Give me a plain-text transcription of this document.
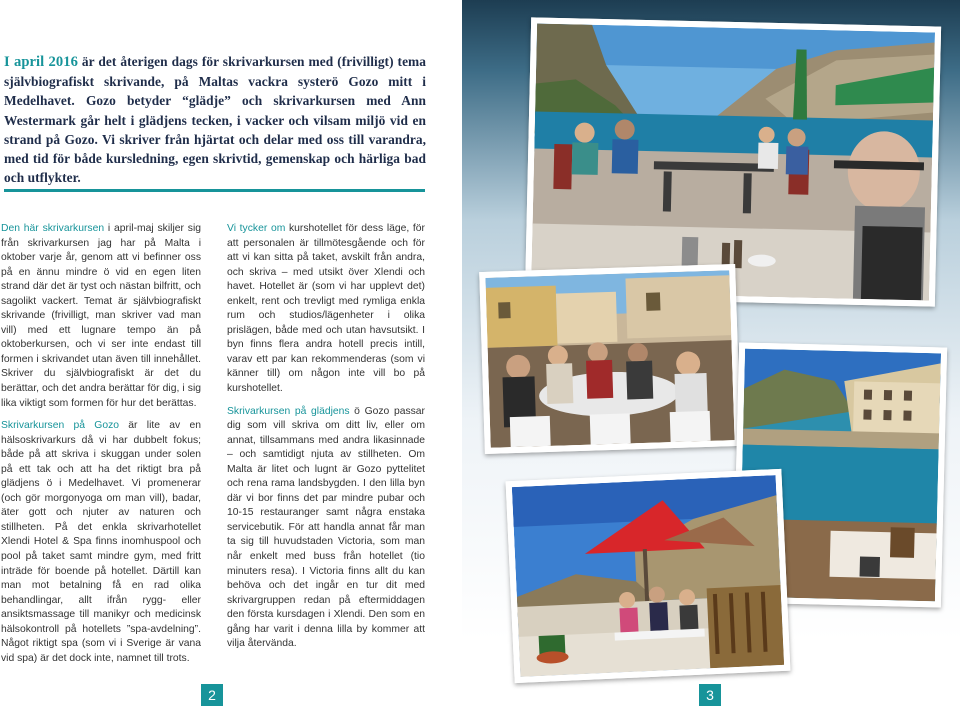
I april 2016 är det återigen dags för skrivarkursen med (frivilligt) tema självbiografiskt skrivande, på Maltas vackra systerö Gozo mitt i Medelhavet. Gozo betyder “glädje” och skrivarkursen med Ann Westermark går helt i glädjens tecken, i vacker och vilsam miljö vid en strand på Gozo. Vi skriver från hjärtat och delar med oss till varandra, med tid för både kursledning, egen skrivtid, gemenskap och härliga bad och utflykter.

Den här skrivarkursen i april-maj skiljer sig från skrivarkursen jag har på Malta i oktober varje år, genom att vi befinner oss på en ännu mindre ö vid en egen liten strand där det är tyst och nästan bilfritt, och sagolikt vackert. Temat är självbiografiskt skrivande (frivilligt, man skriver vad man vill) med ett lugnare tempo än på oktoberkursen, och vi ser inte endast till formen i skrivandet utan även till innehållet. Skriver du självbiografiskt är det du berättar, och det andra berättar för dig, i sig lika viktigt som formen för hur det berättas.

Skrivarkursen på Gozo är lite av en hälsoskrivarkurs då vi har dubbelt fokus; både på att skriva i skuggan under solen på ett tak och att ha det riktigt bra på glädjens ö i Medelhavet. Vi promenerar (och gör morgonyoga om man vill), badar, äter gott och njuter av naturen och stillheten. På det enkla skrivarhotellet Xlendi Hotel & Spa finns inomhuspool och pool på taket samt mindre gym, med fritt inträde för boende på hotellet. Därtill kan man mot betalning få en rad olika behandlingar, allt ifrån rygg- eller ansiktsmassage till manikyr och medicinsk hälsokontroll på hotellets ”spa-avdelning”. Något riktigt spa (som vi i Sverige är vana vid spa) är det dock inte, namnet till trots.

Vi tycker om kurshotellet för dess läge, för att personalen är tillmötesgående och för att vi kan sitta på taket, avskilt från andra, och skriva – med utsikt över Xlendi och havet. Hotellet är (som vi har upplevt det) enkelt, rent och trevligt med rymliga enkla rum och studios/lägenheter i olika prislägen, både med och utan havsutsikt. I byn finns flera andra hotell precis intill, varav ett par kan rekommenderas (som vi känner till) om någon inte vill bo på kurshotellet.

Skrivarkursen på glädjens ö Gozo passar dig som vill skriva om ditt liv, eller om annat, tillsammans med andra likasinnade – och samtidigt njuta av stillheten. Om Malta är litet och lugnt är Gozo pyttelitet och rena rama landsbygden. I den lilla byn där vi bor finns det par mindre pubar och 10-15 restauranger samt några enstaka servicebutik. För att handla annat får man ta sig till huvudstaden Victoria, som man når enkelt med buss från hotellet (tio minuters resa). I Victoria finns allt du kan behöva och det ingår en tur dit med skrivargruppen redan på eftermiddagen den första kursdagen i Xlendi. Den som en gång har varit i denna lilla by kommer att vilja återvända.

2	3
